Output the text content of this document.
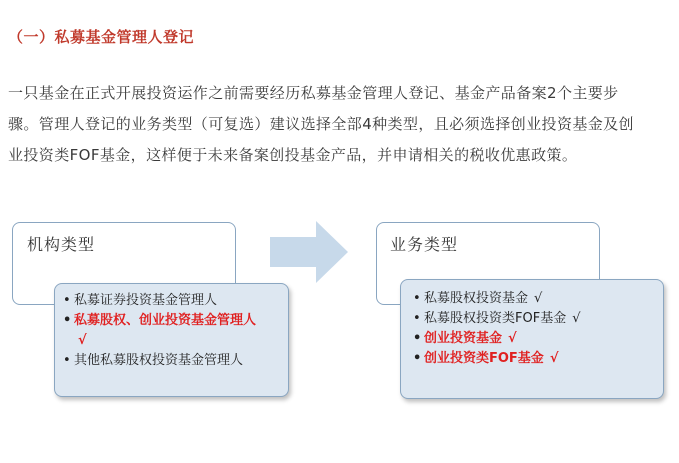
（一）私募基金管理人登记
一只基金在正式开展投资运作之前需要经历私募基金管理人登记、基金产品备案2个主要步
骤。管理人登记的业务类型（可复选）建议选择全部4种类型，且必须选择创业投资基金及创
业投资类FOF基金，这样便于未来备案创投基金产品，并申请相关的税收优惠政策。
机构类型
• 私募证券投资基金管理人
• 私募股权、创业投资基金管理人
√
• 其他私募股权投资基金管理人
业务类型
• 私募股权投资基金 √
• 私募股权投资类FOF基金 √
• 创业投资基金 √
• 创业投资类FOF基金 √
